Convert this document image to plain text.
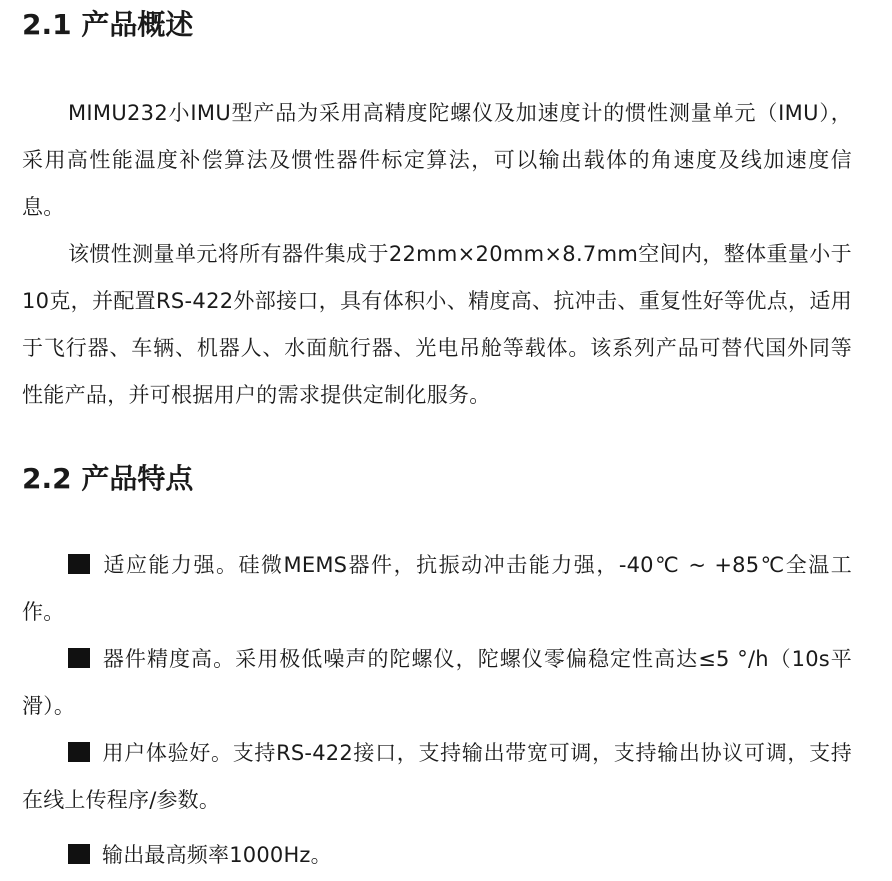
2.1 产品概述

MIMU232小IMU型产品为采用高精度陀螺仪及加速度计的惯性测量单元（IMU），采用高性能温度补偿算法及惯性器件标定算法，可以输出载体的角速度及线加速度信息。

该惯性测量单元将所有器件集成于22mm×20mm×8.7mm空间内，整体重量小于10克，并配置RS-422外部接口，具有体积小、精度高、抗冲击、重复性好等优点，适用于飞行器、车辆、机器人、水面航行器、光电吊舱等载体。该系列产品可替代国外同等性能产品，并可根据用户的需求提供定制化服务。

2.2 产品特点

适应能力强。硅微MEMS器件，抗振动冲击能力强，-40℃ ~ +85℃全温工作。

器件精度高。采用极低噪声的陀螺仪，陀螺仪零偏稳定性高达≤5 °/h（10s平滑）。

用户体验好。支持RS-422接口，支持输出带宽可调，支持输出协议可调，支持在线上传程序/参数。

输出最高频率1000Hz。
